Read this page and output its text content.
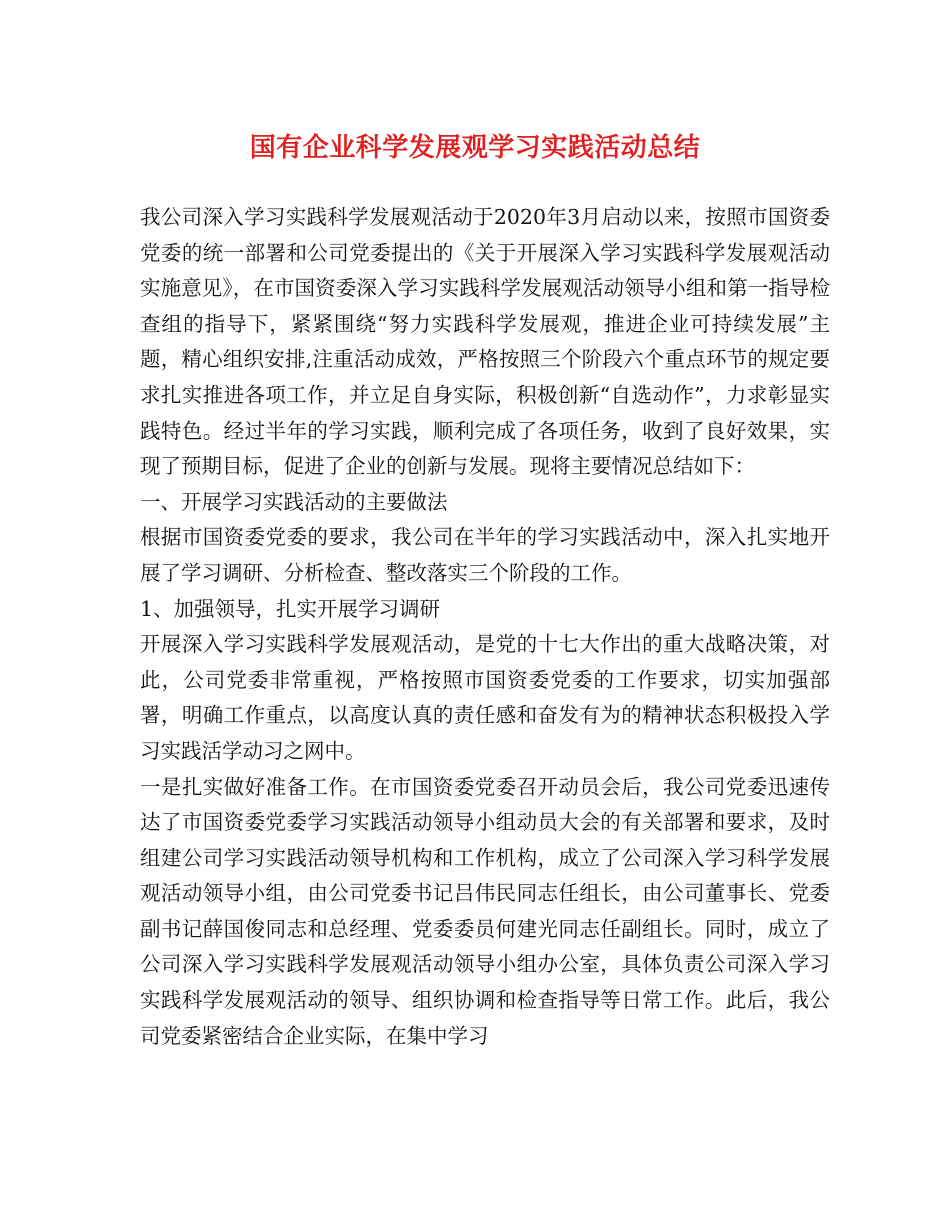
国有企业科学发展观学习实践活动总结

我公司深入学习实践科学发展观活动于2020年3月启动以来，按照市国资委党委的统一部署和公司党委提出的《关于开展深入学习实践科学发展观活动实施意见》，在市国资委深入学习实践科学发展观活动领导小组和第一指导检查组的指导下，紧紧围绕“努力实践科学发展观，推进企业可持续发展”主题，精心组织安排,注重活动成效，严格按照三个阶段六个重点环节的规定要求扎实推进各项工作，并立足自身实际，积极创新“自选动作”，力求彰显实践特色。经过半年的学习实践，顺利完成了各项任务，收到了良好效果，实现了预期目标，促进了企业的创新与发展。现将主要情况总结如下：

一、开展学习实践活动的主要做法

根据市国资委党委的要求，我公司在半年的学习实践活动中，深入扎实地开展了学习调研、分析检查、整改落实三个阶段的工作。

1、加强领导，扎实开展学习调研

开展深入学习实践科学发展观活动，是党的十七大作出的重大战略决策，对此，公司党委非常重视，严格按照市国资委党委的工作要求，切实加强部署，明确工作重点，以高度认真的责任感和奋发有为的精神状态积极投入学习实践活学动习之网中。

一是扎实做好准备工作。在市国资委党委召开动员会后，我公司党委迅速传达了市国资委党委学习实践活动领导小组动员大会的有关部署和要求，及时组建公司学习实践活动领导机构和工作机构，成立了公司深入学习科学发展观活动领导小组，由公司党委书记吕伟民同志任组长，由公司董事长、党委副书记薛国俊同志和总经理、党委委员何建光同志任副组长。同时，成立了公司深入学习实践科学发展观活动领导小组办公室，具体负责公司深入学习实践科学发展观活动的领导、组织协调和检查指导等日常工作。此后，我公司党委紧密结合企业实际，在集中学习
